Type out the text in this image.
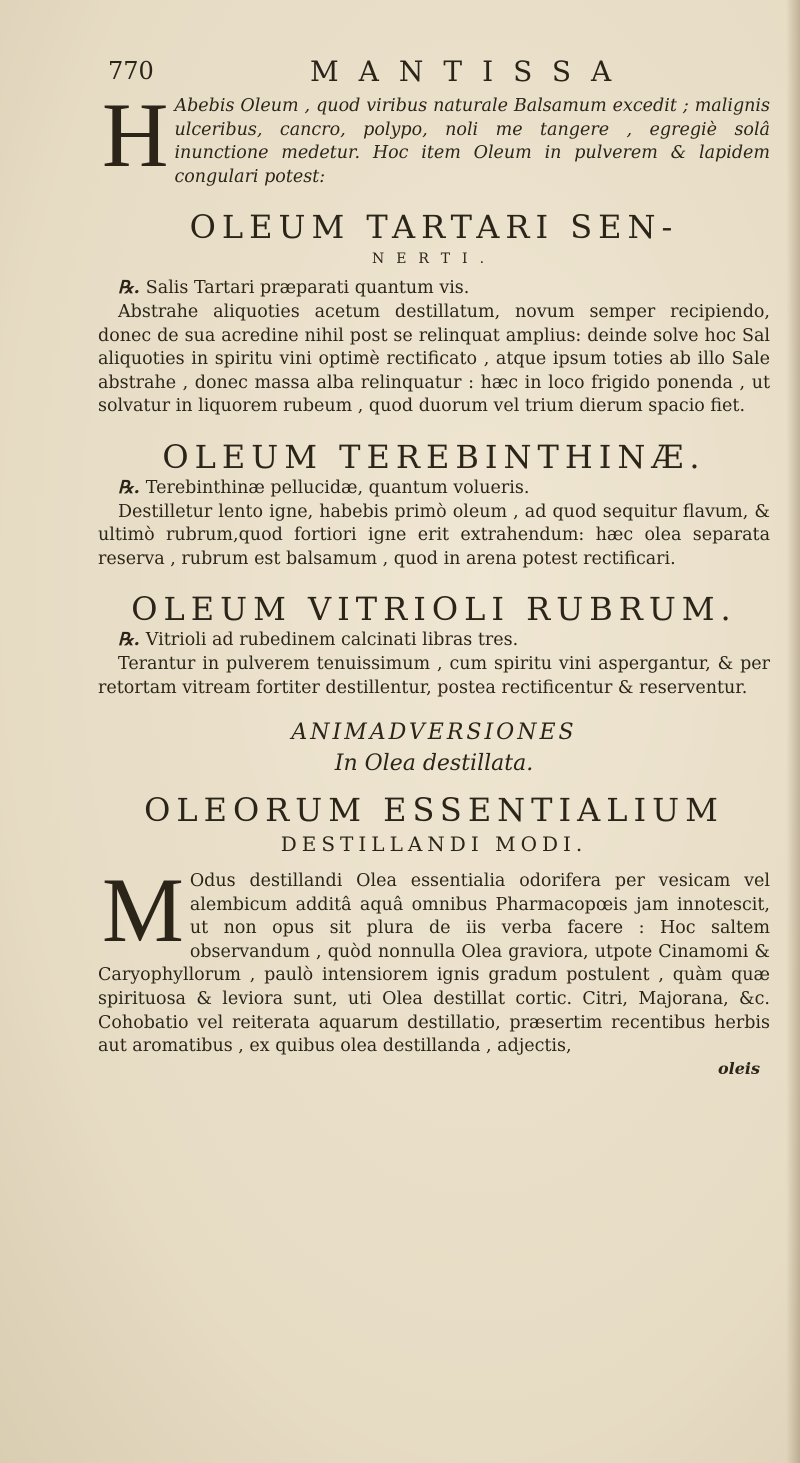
770	MANTISSA
H Abebis Oleum , quod viribus naturale Balsamum excedit ; malignis ulceribus, cancro, polypo, noli me tangere , egregiè solâ inunctione medetur. Hoc item Oleum in pulverem & lapidem congulari potest:

OLEUM TARTARI SEN-
NERTI.

℞. Salis Tartari præparati quantum vis.

Abstrahe aliquoties acetum destillatum, novum semper recipiendo, donec de sua acredine nihil post se relinquat amplius: deinde solve hoc Sal aliquoties in spiritu vini optimè rectificato , atque ipsum toties ab illo Sale abstrahe , donec massa alba relinquatur : hæc in loco frigido ponenda , ut solvatur in liquorem rubeum , quod duorum vel trium dierum spacio fiet.

OLEUM TEREBINTHINÆ.

℞. Terebinthinæ pellucidæ, quantum volueris.

Destilletur lento igne, habebis primò oleum , ad quod sequitur flavum, & ultimò rubrum,quod fortiori igne erit extrahendum: hæc olea separata reserva , rubrum est balsamum , quod in arena potest rectificari.

OLEUM VITRIOLI RUBRUM.

℞. Vitrioli ad rubedinem calcinati libras tres.

Terantur in pulverem tenuissimum , cum spiritu vini aspergantur, & per retortam vitream fortiter destillentur, postea rectificentur & reserventur.

ANIMADVERSIONES
In Olea destillata.
OLEORUM ESSENTIALIUM
DESTILLANDI MODI.
M Odus destillandi Olea essentialia odorifera per vesicam vel alembicum additâ aquâ omnibus Pharmacopœis jam innotescit, ut non opus sit plura de iis verba facere : Hoc saltem observandum , quòd nonnulla Olea graviora, utpote Cinamomi & Caryophyllorum , paulò intensiorem ignis gradum postulent , quàm quæ spirituosa & leviora sunt, uti Olea destillat cortic. Citri, Majorana, &c. Cohobatio vel reiterata aquarum destillatio, præsertim recentibus herbis aut aromatibus , ex quibus olea destillanda , adjectis,

oleis
